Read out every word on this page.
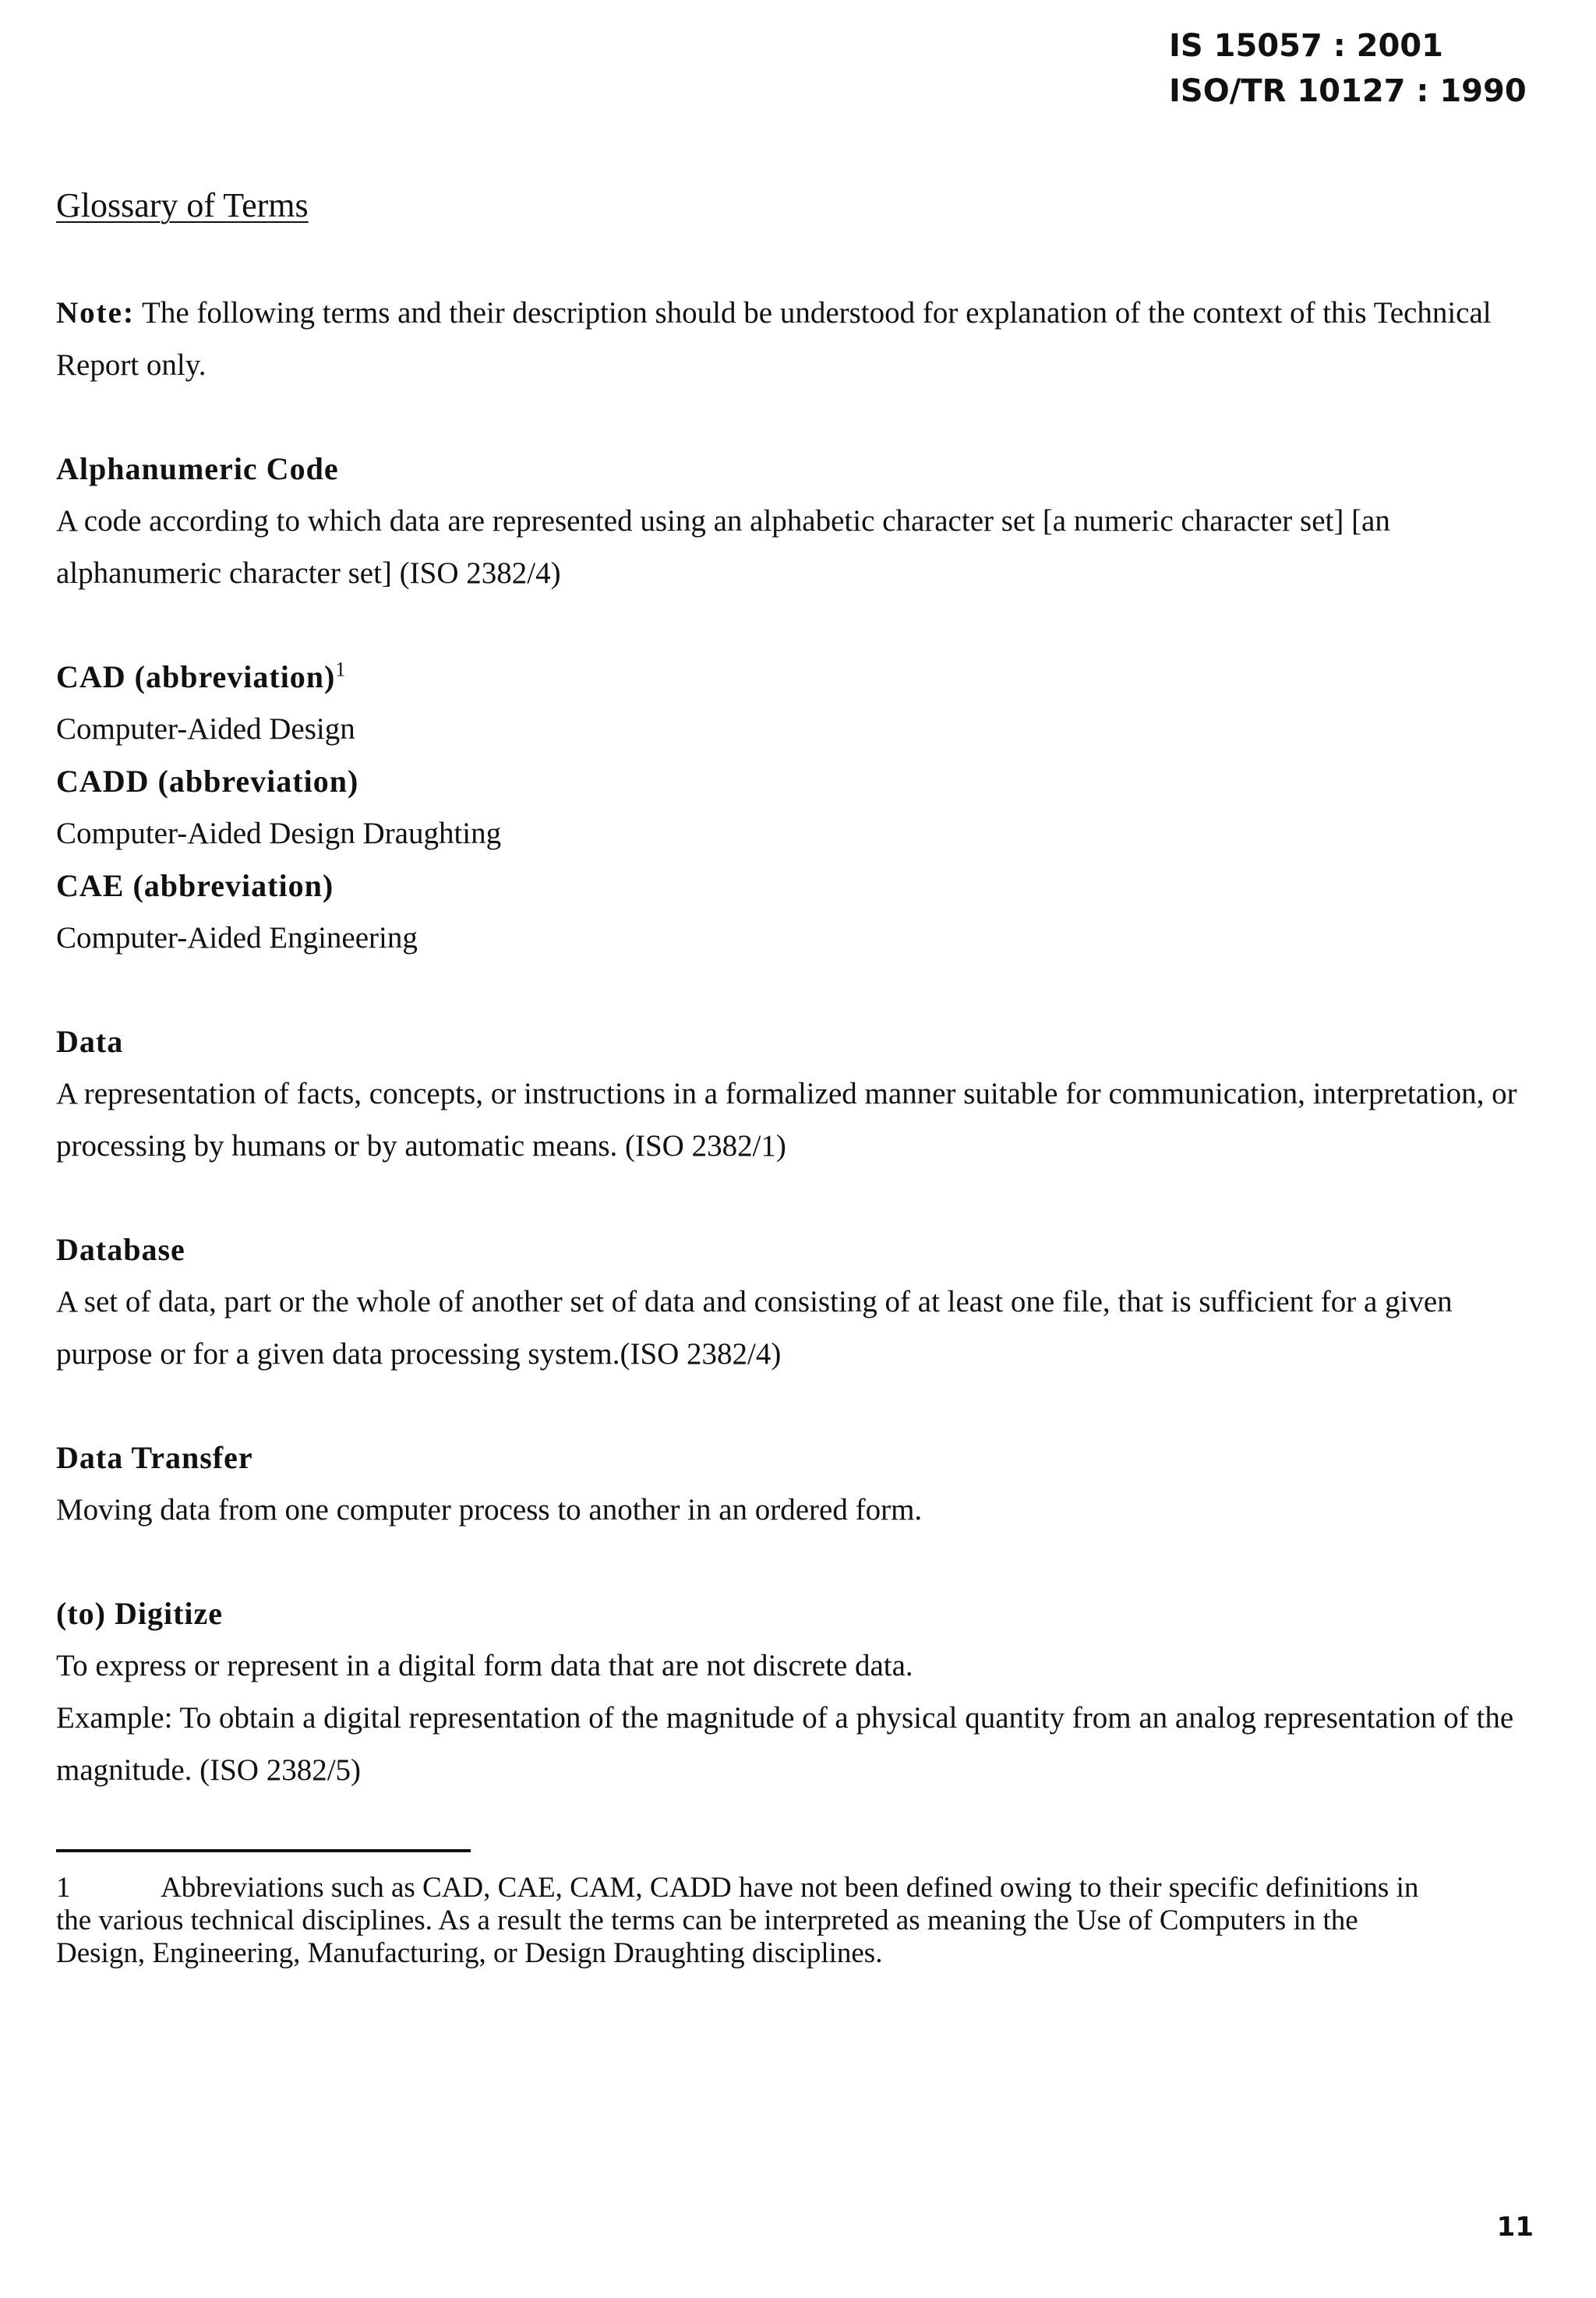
IS 15057 : 2001
ISO/TR 10127 : 1990
Glossary of Terms

Note: The following terms and their description should be understood for explanation of the context of this Technical Report only.

Alphanumeric Code

A code according to which data are represented using an alphabetic character set [a numeric character set] [an alphanumeric character set] (ISO 2382/4)

CAD (abbreviation)$^1$

Computer-Aided Design

CADD (abbreviation)

Computer-Aided Design Draughting

CAE (abbreviation)

Computer-Aided Engineering

Data

A representation of facts, concepts, or instructions in a formalized manner suitable for communication, interpretation, or processing by humans or by automatic means. (ISO 2382/1)

Database

A set of data, part or the whole of another set of data and consisting of at least one file, that is sufficient for a given purpose or for a given data processing system.(ISO 2382/4)

Data Transfer

Moving data from one computer process to another in an ordered form.

(to) Digitize

To express or represent in a digital form data that are not discrete data.

Example: To obtain a digital representation of the magnitude of a physical quantity from an analog representation of the magnitude. (ISO 2382/5)

1	Abbreviations such as CAD, CAE, CAM, CADD have not been defined owing to their specific definitions in the various technical disciplines. As a result the terms can be interpreted as meaning the Use of Computers in the Design, Engineering, Manufacturing, or Design Draughting disciplines.
11
